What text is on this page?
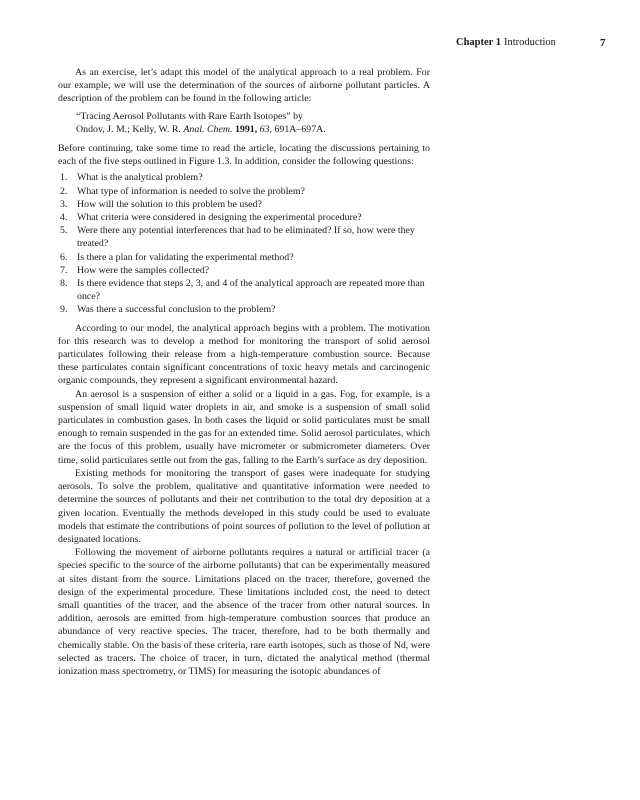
Chapter 1 Introduction	7

As an exercise, let’s adapt this model of the analytical approach to a real problem. For our example, we will use the determination of the sources of airborne pollutant particles. A description of the problem can be found in the following article:

“Tracing Aerosol Pollutants with Rare Earth Isotopes” by
Ondov, J. M.; Kelly, W. R. Anal. Chem. 1991, 63, 691A–697A.

Before continuing, take some time to read the article, locating the discussions pertaining to each of the five steps outlined in Figure 1.3. In addition, consider the following questions:

1. What is the analytical problem?
2. What type of information is needed to solve the problem?
3. How will the solution to this problem be used?
4. What criteria were considered in designing the experimental procedure?
5. Were there any potential interferences that had to be eliminated? If so, how were they treated?
6. Is there a plan for validating the experimental method?
7. How were the samples collected?
8. Is there evidence that steps 2, 3, and 4 of the analytical approach are repeated more than once?
9. Was there a successful conclusion to the problem?

According to our model, the analytical approach begins with a problem. The motivation for this research was to develop a method for monitoring the transport of solid aerosol particulates following their release from a high-temperature combustion source. Because these particulates contain significant concentrations of toxic heavy metals and carcinogenic organic compounds, they represent a significant environmental hazard.

An aerosol is a suspension of either a solid or a liquid in a gas. Fog, for example, is a suspension of small liquid water droplets in air, and smoke is a suspension of small solid particulates in combustion gases. In both cases the liquid or solid particulates must be small enough to remain suspended in the gas for an extended time. Solid aerosol particulates, which are the focus of this problem, usually have micrometer or submicrometer diameters. Over time, solid particulates settle out from the gas, falling to the Earth’s surface as dry deposition.

Existing methods for monitoring the transport of gases were inadequate for studying aerosols. To solve the problem, qualitative and quantitative information were needed to determine the sources of pollutants and their net contribution to the total dry deposition at a given location. Eventually the methods developed in this study could be used to evaluate models that estimate the contributions of point sources of pollution to the level of pollution at designated locations.

Following the movement of airborne pollutants requires a natural or artificial tracer (a species specific to the source of the airborne pollutants) that can be experimentally measured at sites distant from the source. Limitations placed on the tracer, therefore, governed the design of the experimental procedure. These limitations included cost, the need to detect small quantities of the tracer, and the absence of the tracer from other natural sources. In addition, aerosols are emitted from high-temperature combustion sources that produce an abundance of very reactive species. The tracer, therefore, had to be both thermally and chemically stable. On the basis of these criteria, rare earth isotopes, such as those of Nd, were selected as tracers. The choice of tracer, in turn, dictated the analytical method (thermal ionization mass spectrometry, or TIMS) for measuring the isotopic abundances of
